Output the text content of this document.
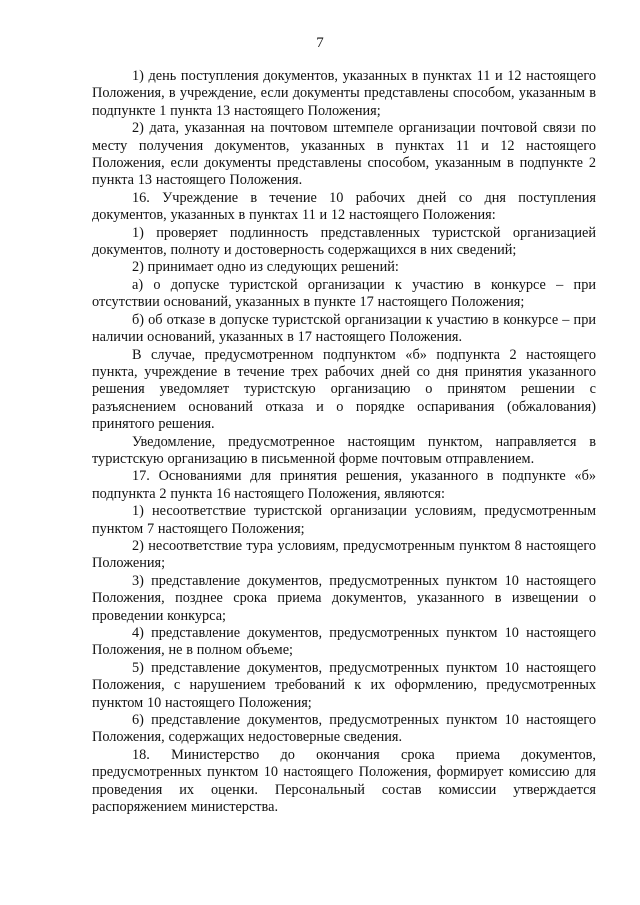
7

1) день поступления документов, указанных в пунктах 11 и 12 настоящего Положения, в учреждение, если документы представлены способом, указанным в подпункте 1 пункта 13 настоящего Положения;

2) дата, указанная на почтовом штемпеле организации почтовой связи по месту получения документов, указанных в пунктах 11 и 12 настоящего Положения, если документы представлены способом, указанным в подпункте 2 пункта 13 настоящего Положения.

16. Учреждение в течение 10 рабочих дней со дня поступления документов, указанных в пунктах 11 и 12 настоящего Положения:

1) проверяет подлинность представленных туристской организацией документов, полноту и достоверность содержащихся в них сведений;

2) принимает одно из следующих решений:

а) о допуске туристской организации к участию в конкурсе – при отсутствии оснований, указанных в пункте 17 настоящего Положения;

б) об отказе в допуске туристской организации к участию в конкурсе – при наличии оснований, указанных в 17 настоящего Положения.

В случае, предусмотренном подпунктом «б» подпункта 2 настоящего пункта, учреждение в течение трех рабочих дней со дня принятия указанного решения уведомляет туристскую организацию о принятом решении с разъяснением оснований отказа и о порядке оспаривания (обжалования) принятого решения.

Уведомление, предусмотренное настоящим пунктом, направляется в туристскую организацию в письменной форме почтовым отправлением.

17. Основаниями для принятия решения, указанного в подпункте «б» подпункта 2 пункта 16 настоящего Положения, являются:

1) несоответствие туристской организации условиям, предусмотренным пунктом 7 настоящего Положения;

2) несоответствие тура условиям, предусмотренным пунктом 8 настоящего Положения;

3) представление документов, предусмотренных пунктом 10 настоящего Положения, позднее срока приема документов, указанного в извещении о проведении конкурса;

4) представление документов, предусмотренных пунктом 10 настоящего Положения, не в полном объеме;

5) представление документов, предусмотренных пунктом 10 настоящего Положения, с нарушением требований к их оформлению, предусмотренных пунктом 10 настоящего Положения;

6) представление документов, предусмотренных пунктом 10 настоящего Положения, содержащих недостоверные сведения.

18. Министерство до окончания срока приема документов, предусмотренных пунктом 10 настоящего Положения, формирует комиссию для проведения их оценки. Персональный состав комиссии утверждается распоряжением министерства.
